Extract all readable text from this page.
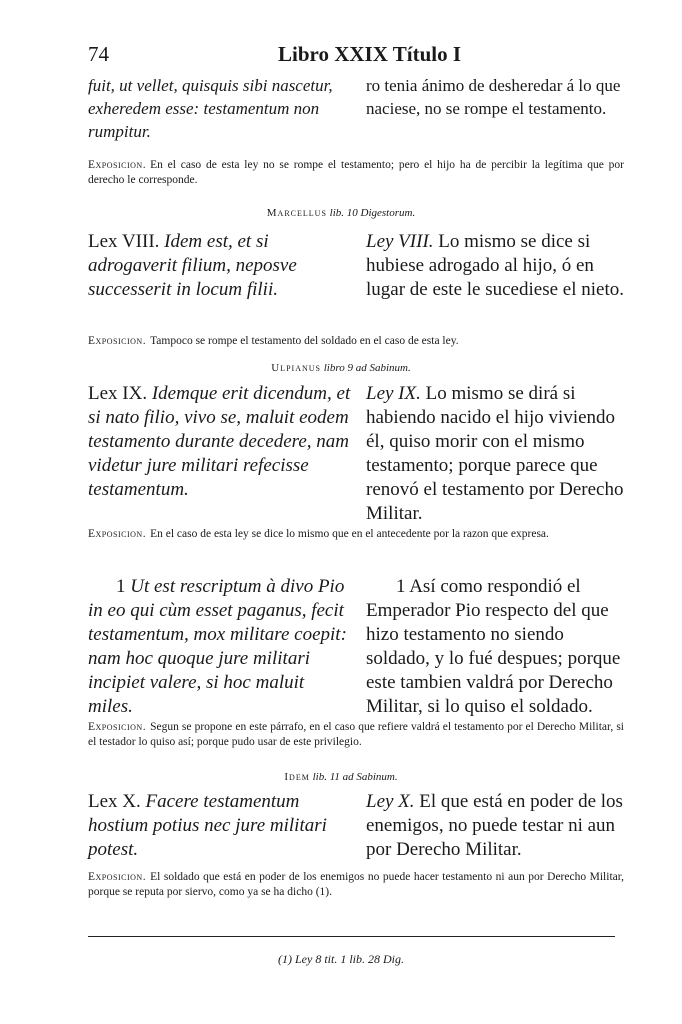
74	Libro XXIX Título I

fuit, ut vellet, quisquis sibi nascetur, exheredem esse: testamentum non rumpitur.

ro tenia ánimo de desheredar á lo que naciese, no se rompe el testamento.

Exposicion. En el caso de esta ley no se rompe el testamento; pero el hijo ha de percibir la legítima que por derecho le corresponde.

Marcellus lib. 10 Digestorum.

Lex VIII. Idem est, et si adrogaverit filium, neposve successerit in locum filii.

Ley VIII. Lo mismo se dice si hubiese adrogado al hijo, ó en lugar de este le sucediese el nieto.

Exposicion. Tampoco se rompe el testamento del soldado en el caso de esta ley.

Ulpianus libro 9 ad Sabinum.

Lex IX. Idemque erit dicendum, et si nato filio, vivo se, maluit eodem testamento durante decedere, nam videtur jure militari refecisse testamentum.

Ley IX. Lo mismo se dirá si habiendo nacido el hijo viviendo él, quiso morir con el mismo testamento; porque parece que renovó el testamento por Derecho Militar.

Exposicion. En el caso de esta ley se dice lo mismo que en el antecedente por la razon que expresa.

1 Ut est rescriptum à divo Pio in eo qui cùm esset paganus, fecit testamentum, mox militare coepit: nam hoc quoque jure militari incipiet valere, si hoc maluit miles.

1 Así como respondió el Emperador Pio respecto del que hizo testamento no siendo soldado, y lo fué despues; porque este tambien valdrá por Derecho Militar, si lo quiso el soldado.

Exposicion. Segun se propone en este párrafo, en el caso que refiere valdrá el testamento por el Derecho Militar, si el testador lo quiso así; porque pudo usar de este privilegio.

Idem lib. 11 ad Sabinum.

Lex X. Facere testamentum hostium potius nec jure militari potest.

Ley X. El que está en poder de los enemigos, no puede testar ni aun por Derecho Militar.

Exposicion. El soldado que está en poder de los enemigos no puede hacer testamento ni aun por Derecho Militar, porque se reputa por siervo, como ya se ha dicho (1).

(1) Ley 8 tit. 1 lib. 28 Dig.
